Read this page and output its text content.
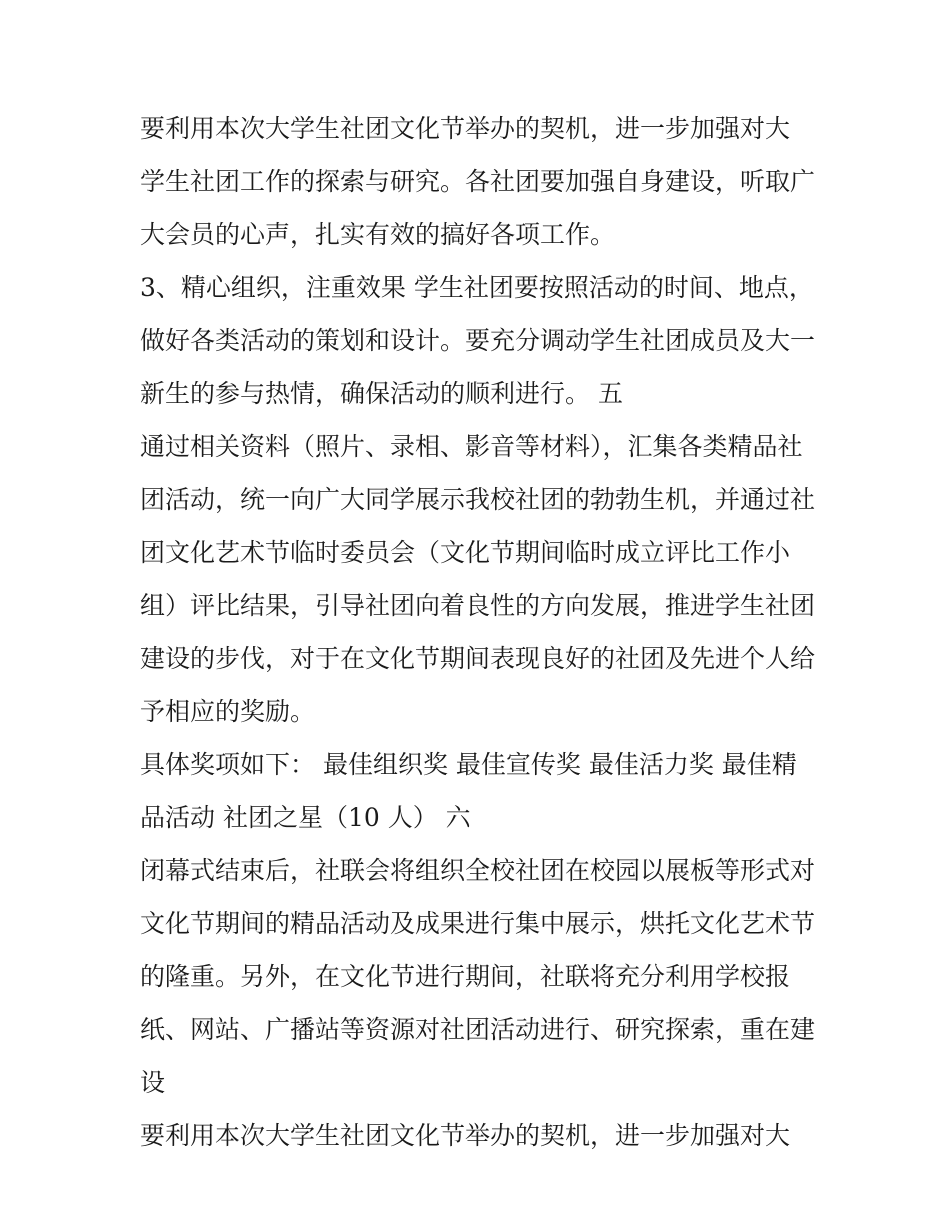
要利用本次大学生社团文化节举办的契机，进一步加强对大
学生社团工作的探索与研究。各社团要加强自身建设，听取广
大会员的心声，扎实有效的搞好各项工作。
3、精心组织，注重效果 学生社团要按照活动的时间、地点，
做好各类活动的策划和设计。要充分调动学生社团成员及大一
新生的参与热情，确保活动的顺利进行。 五
通过相关资料（照片、录相、影音等材料），汇集各类精品社
团活动，统一向广大同学展示我校社团的勃勃生机，并通过社
团文化艺术节临时委员会（文化节期间临时成立评比工作小
组）评比结果，引导社团向着良性的方向发展，推进学生社团
建设的步伐，对于在文化节期间表现良好的社团及先进个人给
予相应的奖励。
具体奖项如下： 最佳组织奖 最佳宣传奖 最佳活力奖 最佳精
品活动 社团之星（10 人） 六
闭幕式结束后，社联会将组织全校社团在校园以展板等形式对
文化节期间的精品活动及成果进行集中展示，烘托文化艺术节
的隆重。另外，在文化节进行期间，社联将充分利用学校报
纸、网站、广播站等资源对社团活动进行、研究探索，重在建
设
要利用本次大学生社团文化节举办的契机，进一步加强对大
